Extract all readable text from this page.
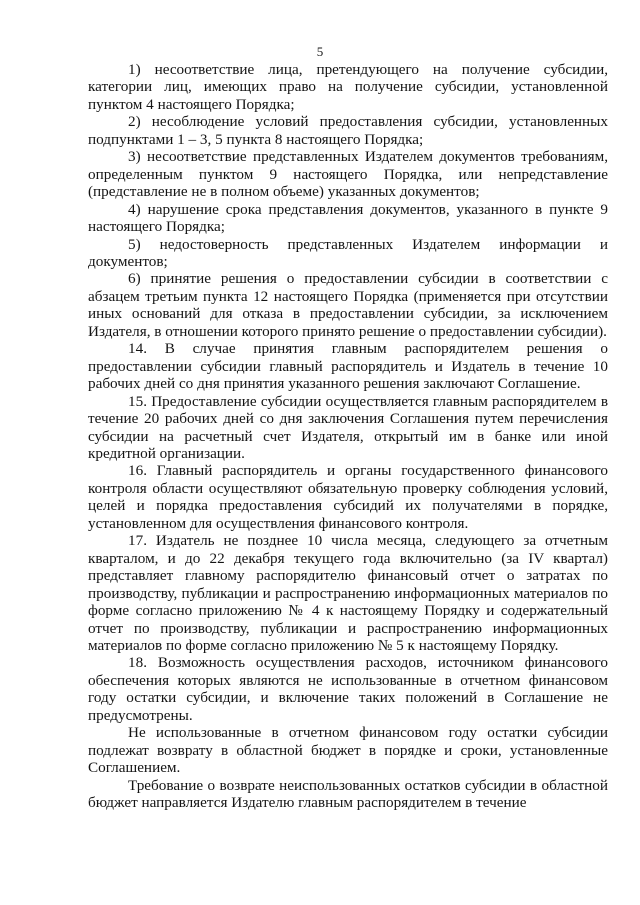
5

1) несоответствие лица, претендующего на получение субсидии, категории лиц, имеющих право на получение субсидии, установленной пунктом 4 настоящего Порядка;

2) несоблюдение условий предоставления субсидии, установленных подпунктами 1 – 3, 5 пункта 8 настоящего Порядка;

3) несоответствие представленных Издателем документов требованиям, определенным пунктом 9 настоящего Порядка, или непредставление (представление не в полном объеме) указанных документов;

4) нарушение срока представления документов, указанного в пункте 9 настоящего Порядка;

5) недостоверность представленных Издателем информации и документов;

6) принятие решения о предоставлении субсидии в соответствии с абзацем третьим пункта 12 настоящего Порядка (применяется при отсутствии иных оснований для отказа в предоставлении субсидии, за исключением Издателя, в отношении которого принято решение о предоставлении субсидии).

14. В случае принятия главным распорядителем решения о предоставлении субсидии главный распорядитель и Издатель в течение 10 рабочих дней со дня принятия указанного решения заключают Соглашение.

15. Предоставление субсидии осуществляется главным распорядителем в течение 20 рабочих дней со дня заключения Соглашения путем перечисления субсидии на расчетный счет Издателя, открытый им в банке или иной кредитной организации.

16. Главный распорядитель и органы государственного финансового контроля области осуществляют обязательную проверку соблюдения условий, целей и порядка предоставления субсидий их получателями в порядке, установленном для осуществления финансового контроля.

17. Издатель не позднее 10 числа месяца, следующего за отчетным кварталом, и до 22 декабря текущего года включительно (за IV квартал) представляет главному распорядителю финансовый отчет о затратах по производству, публикации и распространению информационных материалов по форме согласно приложению № 4 к настоящему Порядку и содержательный отчет по производству, публикации и распространению информационных материалов по форме согласно приложению № 5 к настоящему Порядку.

18. Возможность осуществления расходов, источником финансового обеспечения которых являются не использованные в отчетном финансовом году остатки субсидии, и включение таких положений в Соглашение не предусмотрены.

Не использованные в отчетном финансовом году остатки субсидии подлежат возврату в областной бюджет в порядке и сроки, установленные Соглашением.

Требование о возврате неиспользованных остатков субсидии в областной бюджет направляется Издателю главным распорядителем в течение
